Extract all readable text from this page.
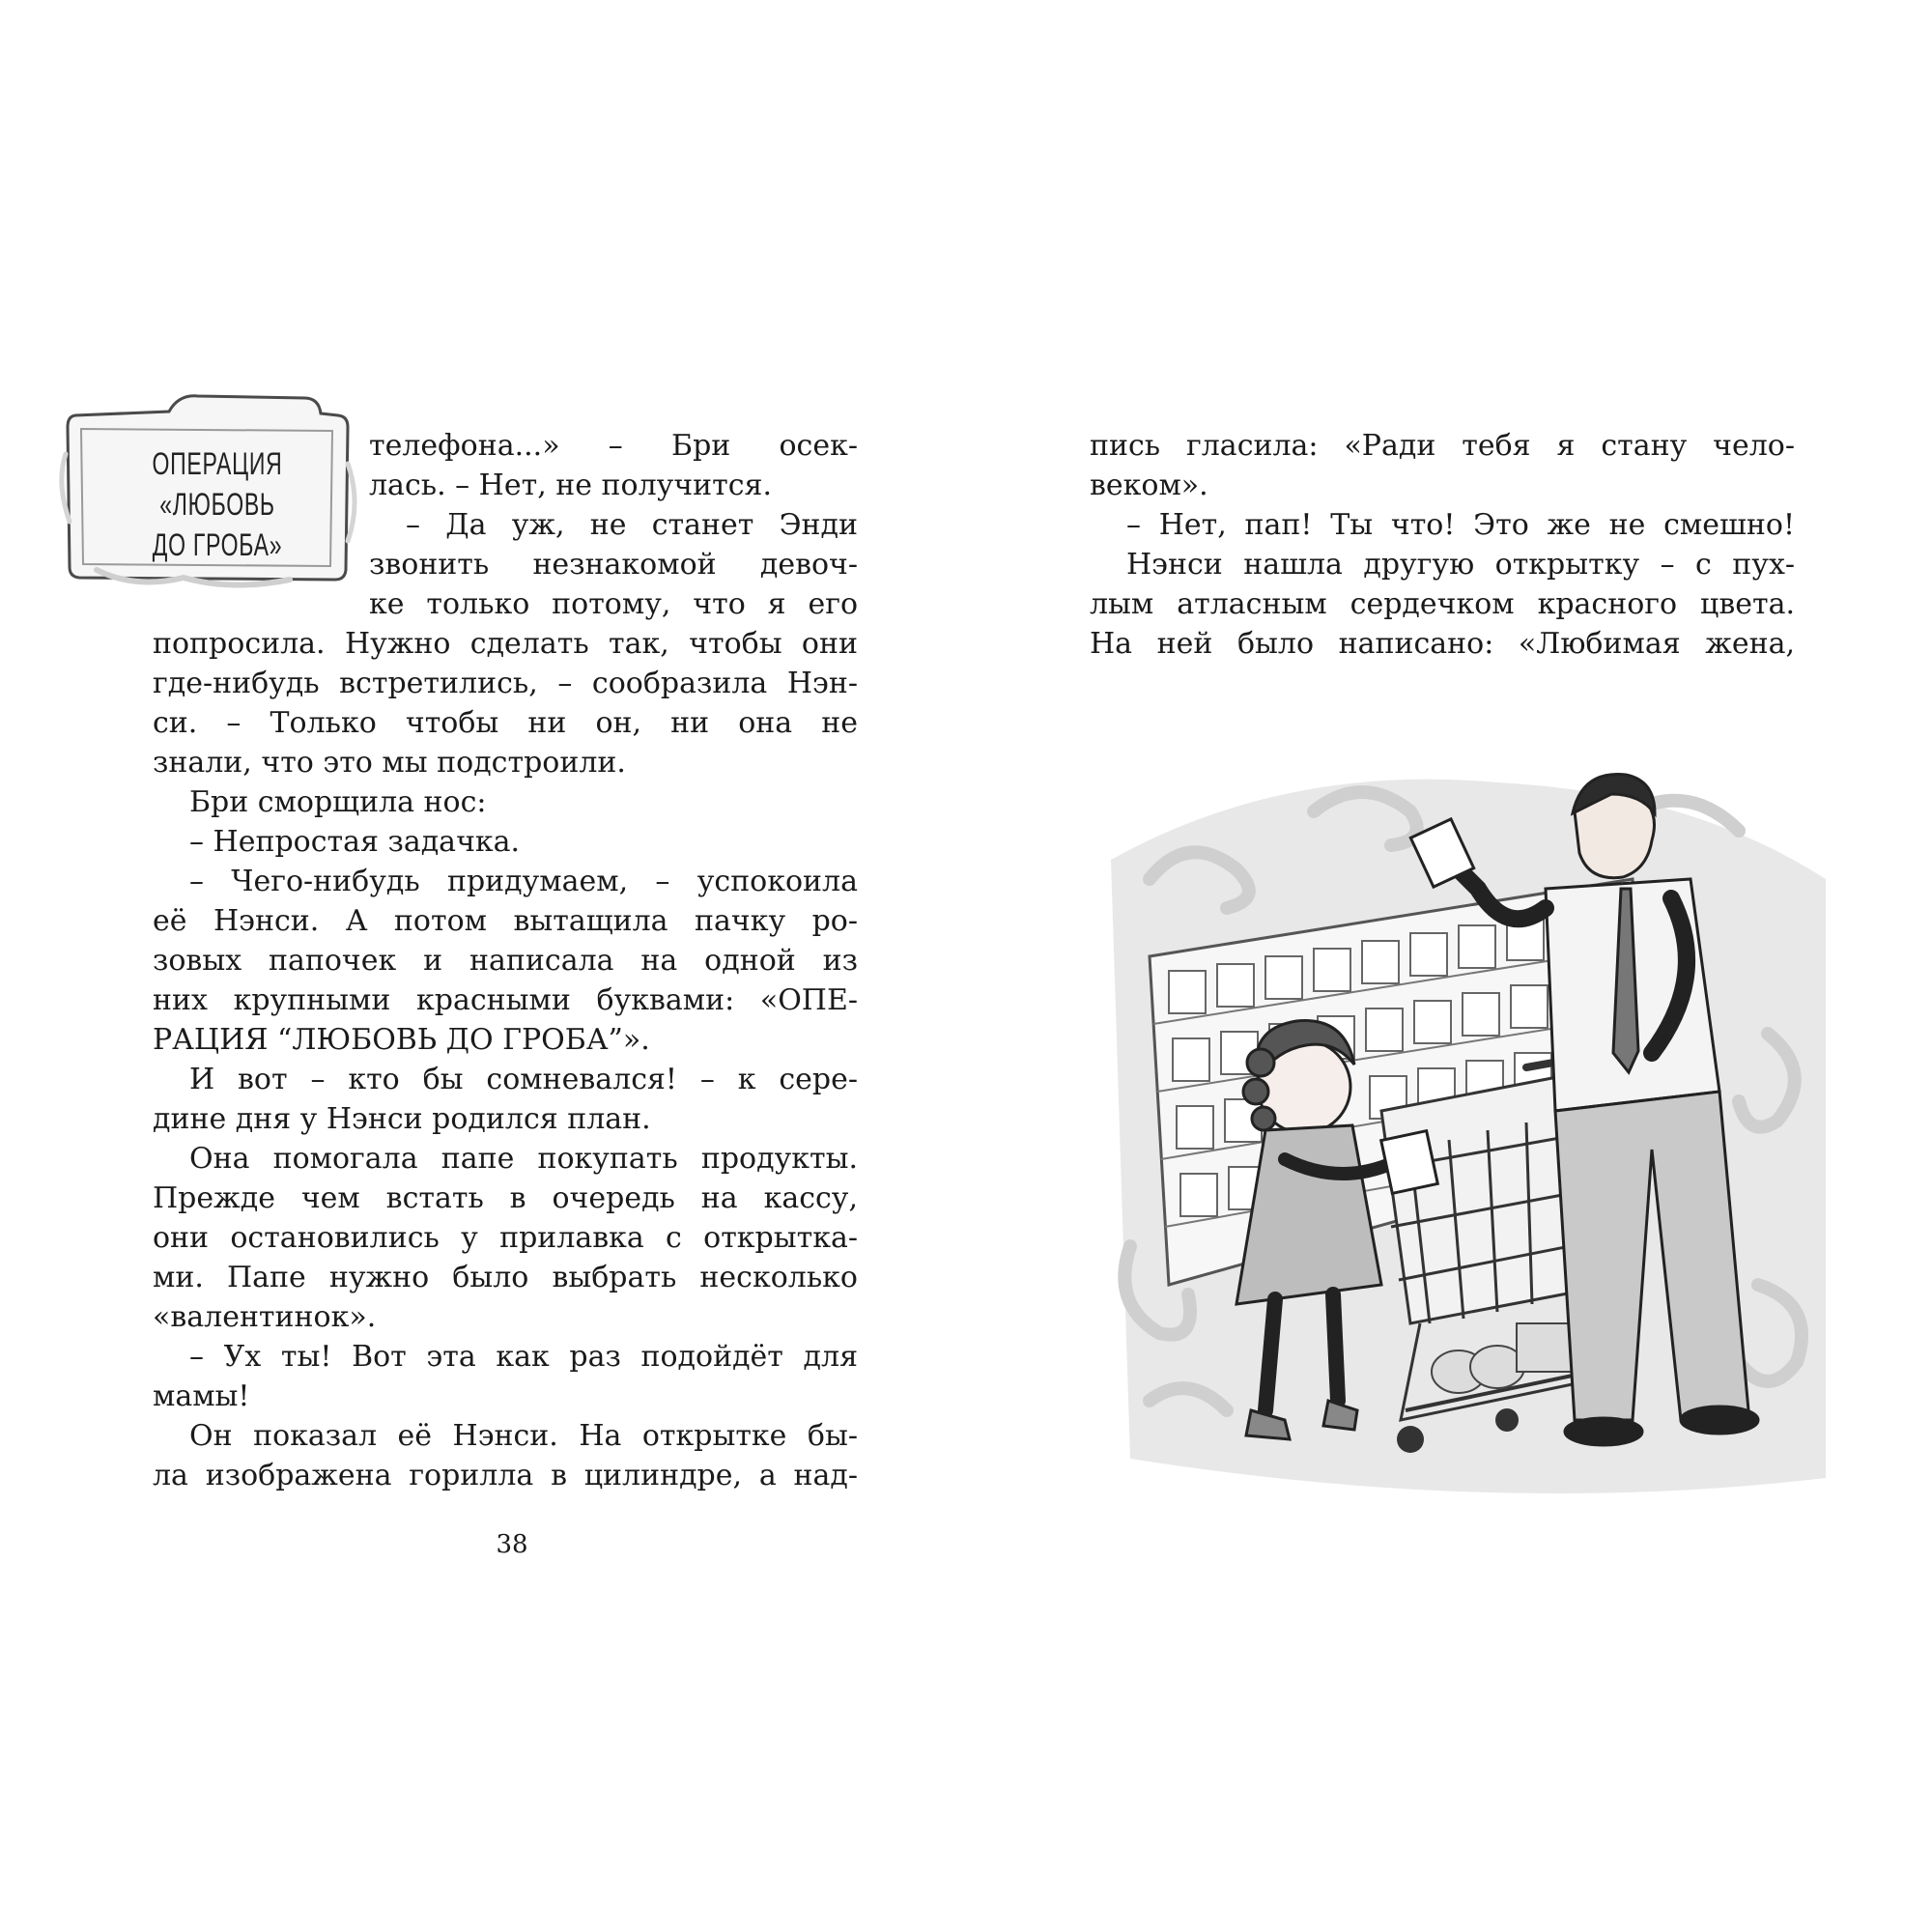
ОПЕРАЦИЯ
«ЛЮБОВЬ
ДО ГРОБА»
телефона...» – Бри осек-
лась. – Нет, не получится.
– Да уж, не станет Энди
звонить незнакомой девоч-
ке только потому, что я его
попросила. Нужно сделать так, чтобы они
где-нибудь встретились, – сообразила Нэн-
си. – Только чтобы ни он, ни она не
знали, что это мы подстроили.
Бри сморщила нос:
– Непростая задачка.
– Чего-нибудь придумаем, – успокоила
её Нэнси. А потом вытащила пачку ро-
зовых папочек и написала на одной из
них крупными красными буквами: «ОПЕ-
РАЦИЯ “ЛЮБОВЬ ДО ГРОБА”».
И вот – кто бы сомневался! – к сере-
дине дня у Нэнси родился план.
Она помогала папе покупать продукты.
Прежде чем встать в очередь на кассу,
они остановились у прилавка с открытка-
ми. Папе нужно было выбрать несколько
«валентинок».
– Ух ты! Вот эта как раз подойдёт для
мамы!
Он показал её Нэнси. На открытке бы-
ла изображена горилла в цилиндре, а над-
38
пись гласила: «Ради тебя я стану чело-
веком».
– Нет, пап! Ты что! Это же не смешно!
Нэнси нашла другую открытку – с пух-
лым атласным сердечком красного цвета.
На ней было написано: «Любимая жена,
